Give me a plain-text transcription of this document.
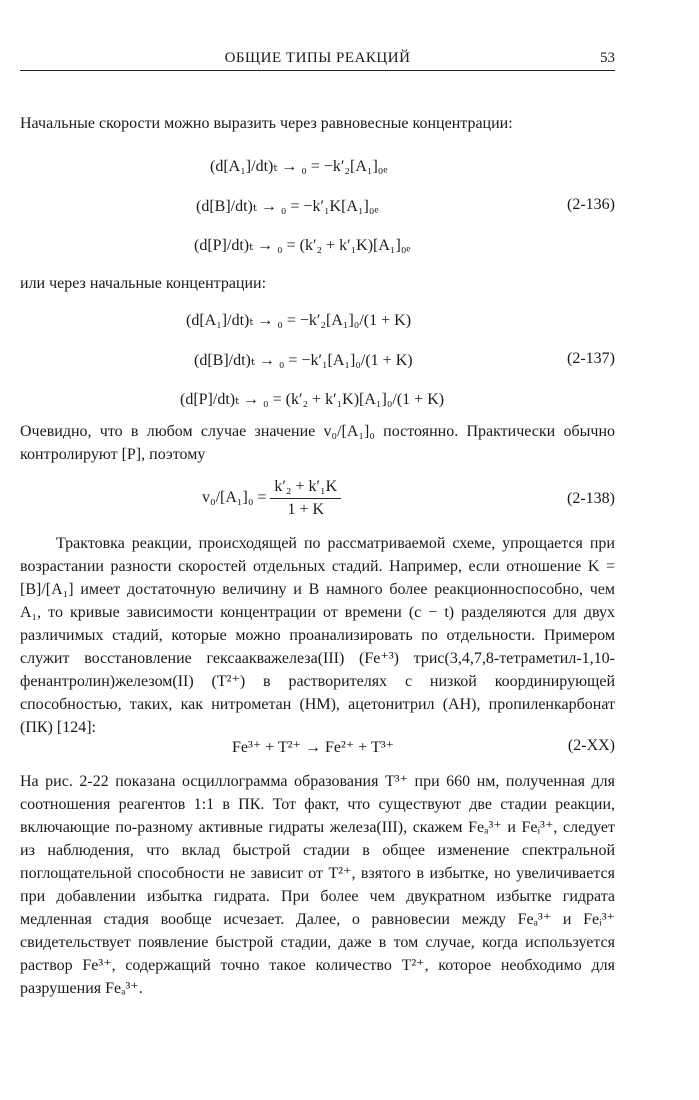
ОБЩИЕ ТИПЫ РЕАКЦИЙ	53

Начальные скорости можно выразить через равновесные концентрации:

(d[A₁]/dt)ₜ → ₀ = −k′₂[A₁]₀ₑ
(d[B]/dt)ₜ → ₀ = −k′₁K[A₁]₀ₑ	(2-136)
(d[P]/dt)ₜ → ₀ = (k′₂ + k′₁K)[A₁]₀ₑ

или через начальные концентрации:

(d[A₁]/dt)ₜ → ₀ = −k′₂[A₁]₀/(1 + K)
(d[B]/dt)ₜ → ₀ = −k′₁[A₁]₀/(1 + K)	(2-137)
(d[P]/dt)ₜ → ₀ = (k′₂ + k′₁K)[A₁]₀/(1 + K)

Очевидно, что в любом случае значение v₀/[A₁]₀ постоянно. Практически обычно контролируют [P], поэтому

$v_0/[A_1]_0 = \frac{\text{k′₂ + k′₁K}}{1 + K}$	(2-138)

Трактовка реакции, происходящей по рассматриваемой схеме, упрощается при возрастании разности скоростей отдельных стадий. Например, если отношение K = [B]/[A₁] имеет достаточную величину и B намного более реакционноспособно, чем A₁, то кривые зависимости концентрации от времени (c − t) разделяются для двух различимых стадий, которые можно проанализировать по отдельности. Примером служит восстановление гексаакважелеза(III) (Fe⁺³) трис(3,4,7,8-тетраметил-1,10-фенантролин)железом(II) (T²⁺) в растворителях с низкой координирующей способностью, таких, как нитрометан (НМ), ацетонитрил (АН), пропиленкарбонат (ПК) [124]:

Fe³⁺ + T²⁺ → Fe²⁺ + T³⁺	(2-XX)

На рис. 2-22 показана осциллограмма образования T³⁺ при 660 нм, полученная для соотношения реагентов 1:1 в ПК. Тот факт, что существуют две стадии реакции, включающие по-разному активные гидраты железа(III), скажем Feₐ³⁺ и Feᵢ³⁺, следует из наблюдения, что вклад быстрой стадии в общее изменение спектральной поглощательной способности не зависит от T²⁺, взятого в избытке, но увеличивается при добавлении избытка гидрата. При более чем двукратном избытке гидрата медленная стадия вообще исчезает. Далее, о равновесии между Feₐ³⁺ и Feᵢ³⁺ свидетельствует появление быстрой стадии, даже в том случае, когда используется раствор Fe³⁺, содержащий точно такое количество T²⁺, которое необходимо для разрушения Feₐ³⁺.
